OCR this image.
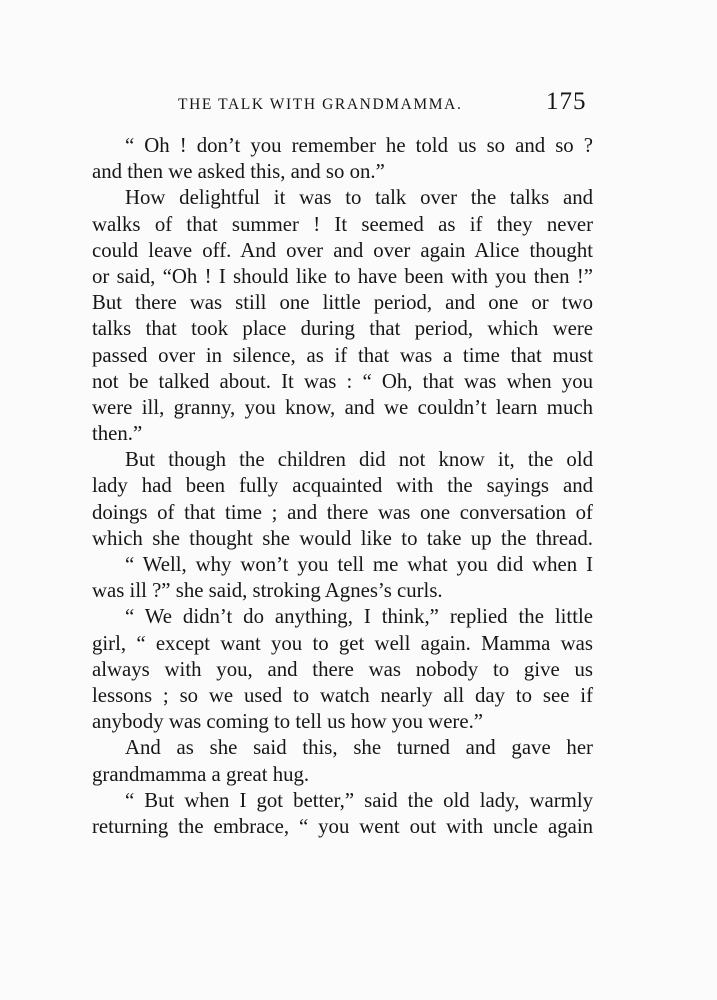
THE TALK WITH GRANDMAMMA.	175
“ Oh ! don’t you remember he told us so and so ?
and then we asked this, and so on.”
How delightful it was to talk over the talks and
walks of that summer ! It seemed as if they never
could leave off. And over and over again Alice thought
or said, “Oh ! I should like to have been with you then !”
But there was still one little period, and one or two
talks that took place during that period, which were
passed over in silence, as if that was a time that must
not be talked about. It was : “ Oh, that was when you
were ill, granny, you know, and we couldn’t learn much
then.”
But though the children did not know it, the old
lady had been fully acquainted with the sayings and
doings of that time ; and there was one conversation of
which she thought she would like to take up the thread.
“ Well, why won’t you tell me what you did when I
was ill ?” she said, stroking Agnes’s curls.
“ We didn’t do anything, I think,” replied the little
girl, “ except want you to get well again. Mamma was
always with you, and there was nobody to give us
lessons ; so we used to watch nearly all day to see if
anybody was coming to tell us how you were.”
And as she said this, she turned and gave her
grandmamma a great hug.
“ But when I got better,” said the old lady, warmly
returning the embrace, “ you went out with uncle again
